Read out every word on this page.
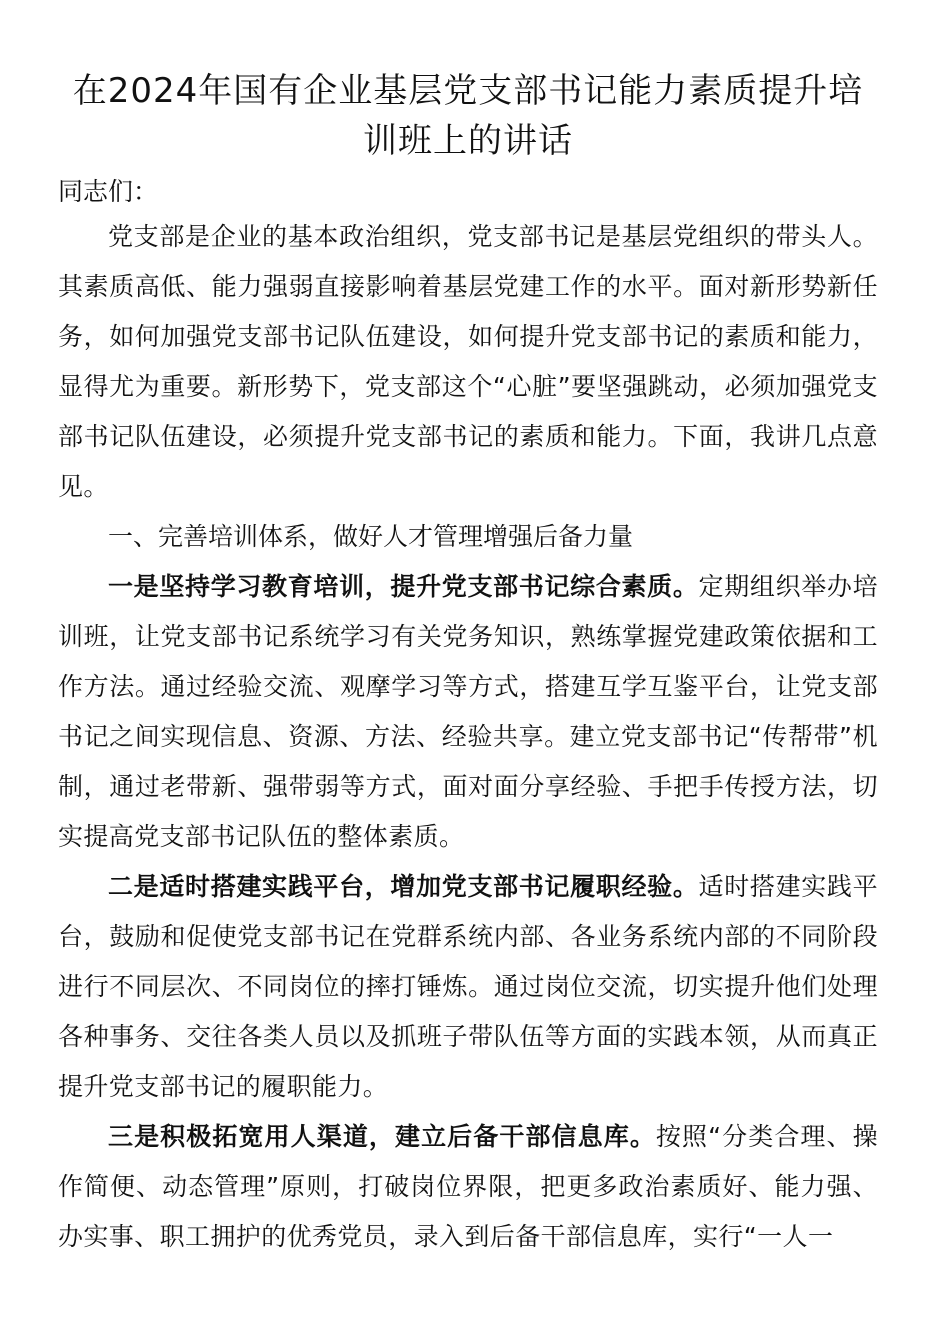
在2024年国有企业基层党支部书记能力素质提升培训班上的讲话

同志们：

党支部是企业的基本政治组织，党支部书记是基层党组织的带头人。其素质高低、能力强弱直接影响着基层党建工作的水平。面对新形势新任务，如何加强党支部书记队伍建设，如何提升党支部书记的素质和能力，显得尤为重要。新形势下，党支部这个“心脏”要坚强跳动，必须加强党支部书记队伍建设，必须提升党支部书记的素质和能力。下面，我讲几点意见。

一、完善培训体系，做好人才管理增强后备力量

一是坚持学习教育培训，提升党支部书记综合素质。定期组织举办培训班，让党支部书记系统学习有关党务知识，熟练掌握党建政策依据和工作方法。通过经验交流、观摩学习等方式，搭建互学互鉴平台，让党支部书记之间实现信息、资源、方法、经验共享。建立党支部书记“传帮带”机制，通过老带新、强带弱等方式，面对面分享经验、手把手传授方法，切实提高党支部书记队伍的整体素质。

二是适时搭建实践平台，增加党支部书记履职经验。适时搭建实践平台，鼓励和促使党支部书记在党群系统内部、各业务系统内部的不同阶段进行不同层次、不同岗位的摔打锤炼。通过岗位交流，切实提升他们处理各种事务、交往各类人员以及抓班子带队伍等方面的实践本领，从而真正提升党支部书记的履职能力。

三是积极拓宽用人渠道，建立后备干部信息库。按照“分类合理、操作简便、动态管理”原则，打破岗位界限，把更多政治素质好、能力强、办实事、职工拥护的优秀党员，录入到后备干部信息库，实行“一人一
